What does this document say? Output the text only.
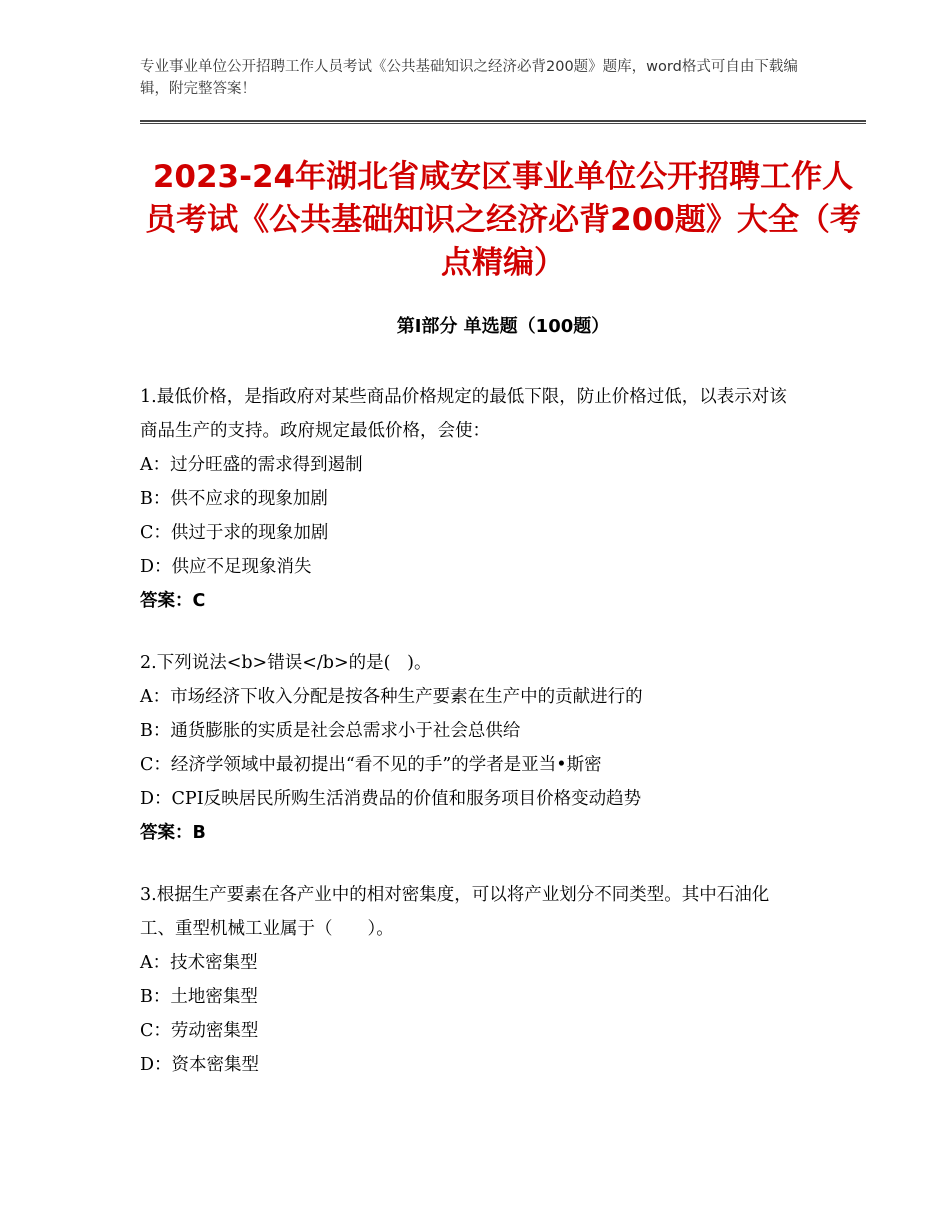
专业事业单位公开招聘工作人员考试《公共基础知识之经济必背200题》题库，word格式可自由下载编辑，附完整答案！
2023-24年湖北省咸安区事业单位公开招聘工作人员考试《公共基础知识之经济必背200题》大全（考点精编）
第I部分 单选题（100题）

1.最低价格，是指政府对某些商品价格规定的最低下限，防止价格过低，以表示对该商品生产的支持。政府规定最低价格，会使：

A：过分旺盛的需求得到遏制

B：供不应求的现象加剧

C：供过于求的现象加剧

D：供应不足现象消失

答案：C

2.下列说法<b>错误</b>的是(   )。

A：市场经济下收入分配是按各种生产要素在生产中的贡献进行的

B：通货膨胀的实质是社会总需求小于社会总供给

C：经济学领域中最初提出“看不见的手”的学者是亚当•斯密

D：CPI反映居民所购生活消费品的价值和服务项目价格变动趋势

答案：B

3.根据生产要素在各产业中的相对密集度，可以将产业划分不同类型。其中石油化工、重型机械工业属于（　　）。

A：技术密集型

B：土地密集型

C：劳动密集型

D：资本密集型
